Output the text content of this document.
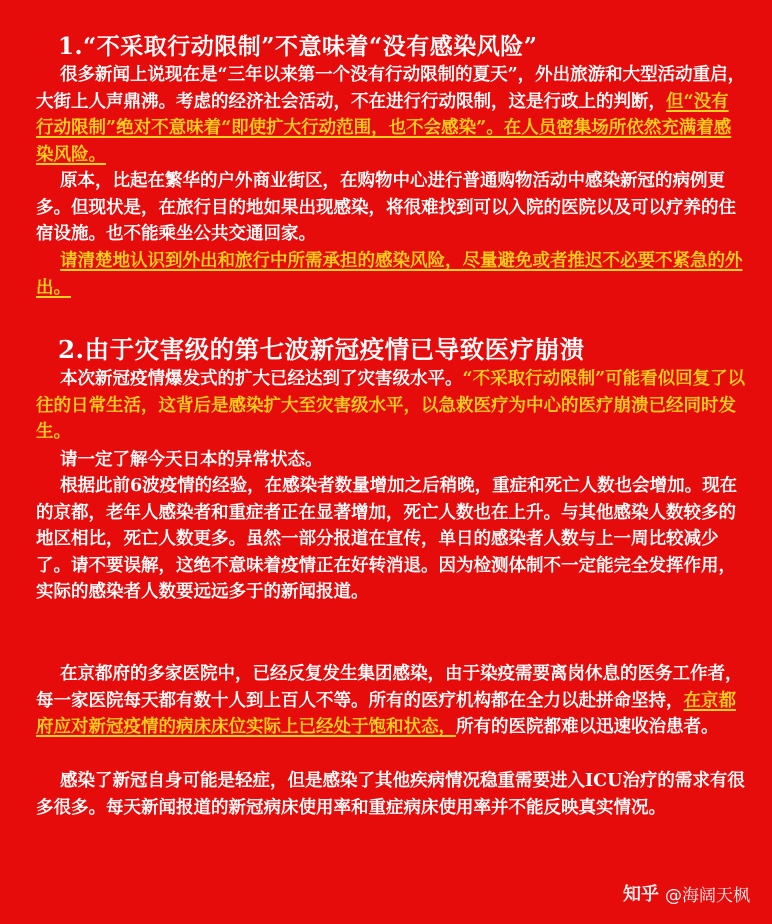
1.“不采取行动限制”不意味着“没有感染风险”

很多新闻上说现在是“三年以来第一个没有行动限制的夏天”，外出旅游和大型活动重启，大街上人声鼎沸。考虑的经济社会活动，不在进行行动限制，这是行政上的判断，但“没有行动限制”绝对不意味着“即使扩大行动范围，也不会感染”。在人员密集场所依然充满着感染风险。

原本，比起在繁华的户外商业街区，在购物中心进行普通购物活动中感染新冠的病例更多。但现状是，在旅行目的地如果出现感染，将很难找到可以入院的医院以及可以疗养的住宿设施。也不能乘坐公共交通回家。

请清楚地认识到外出和旅行中所需承担的感染风险，尽量避免或者推迟不必要不紧急的外出。

2.由于灾害级的第七波新冠疫情已导致医疗崩溃

本次新冠疫情爆发式的扩大已经达到了灾害级水平。“不采取行动限制”可能看似回复了以往的日常生活，这背后是感染扩大至灾害级水平，以急救医疗为中心的医疗崩溃已经同时发生。

请一定了解今天日本的异常状态。

根据此前6波疫情的经验，在感染者数量增加之后稍晚，重症和死亡人数也会增加。现在的京都，老年人感染者和重症者正在显著增加，死亡人数也在上升。与其他感染人数较多的地区相比，死亡人数更多。虽然一部分报道在宣传，单日的感染者人数与上一周比较减少了。请不要误解，这绝不意味着疫情正在好转消退。因为检测体制不一定能完全发挥作用，实际的感染者人数要远远多于的新闻报道。

在京都府的多家医院中，已经反复发生集团感染，由于染疫需要离岗休息的医务工作者，每一家医院每天都有数十人到上百人不等。所有的医疗机构都在全力以赴拼命坚持，在京都府应对新冠疫情的病床床位实际上已经处于饱和状态，所有的医院都难以迅速收治患者。

感染了新冠自身可能是轻症，但是感染了其他疾病情况稳重需要进入ICU治疗的需求有很多很多。每天新闻报道的新冠病床使用率和重症病床使用率并不能反映真实情况。

知乎 @海阔天枫
